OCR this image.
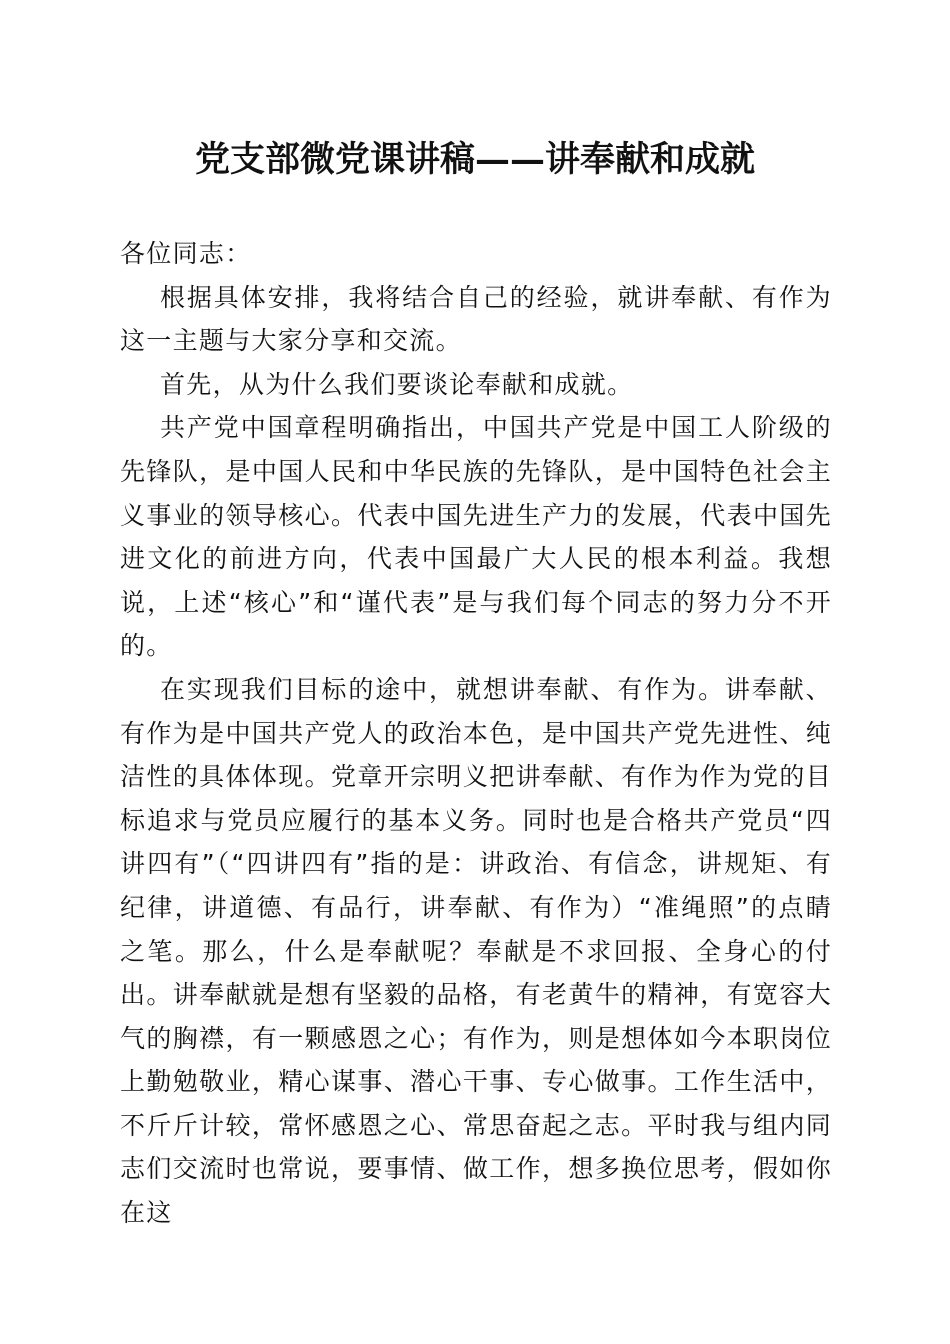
党支部微党课讲稿——讲奉献和成就

各位同志：

根据具体安排，我将结合自己的经验，就讲奉献、有作为这一主题与大家分享和交流。

首先，从为什么我们要谈论奉献和成就。

共产党中国章程明确指出，中国共产党是中国工人阶级的先锋队，是中国人民和中华民族的先锋队，是中国特色社会主义事业的领导核心。代表中国先进生产力的发展，代表中国先进文化的前进方向，代表中国最广大人民的根本利益。我想说，上述“核心”和“谨代表”是与我们每个同志的努力分不开的。

在实现我们目标的途中，就想讲奉献、有作为。讲奉献、有作为是中国共产党人的政治本色，是中国共产党先进性、纯洁性的具体体现。党章开宗明义把讲奉献、有作为作为党的目标追求与党员应履行的基本义务。同时也是合格共产党员“四讲四有”（“四讲四有”指的是：讲政治、有信念，讲规矩、有纪律，讲道德、有品行，讲奉献、有作为）“准绳照”的点睛之笔。那么，什么是奉献呢？奉献是不求回报、全身心的付出。讲奉献就是想有坚毅的品格，有老黄牛的精神，有宽容大气的胸襟，有一颗感恩之心；有作为，则是想体如今本职岗位上勤勉敬业，精心谋事、潜心干事、专心做事。工作生活中，不斤斤计较，常怀感恩之心、常思奋起之志。平时我与组内同志们交流时也常说，要事情、做工作，想多换位思考，假如你在这
